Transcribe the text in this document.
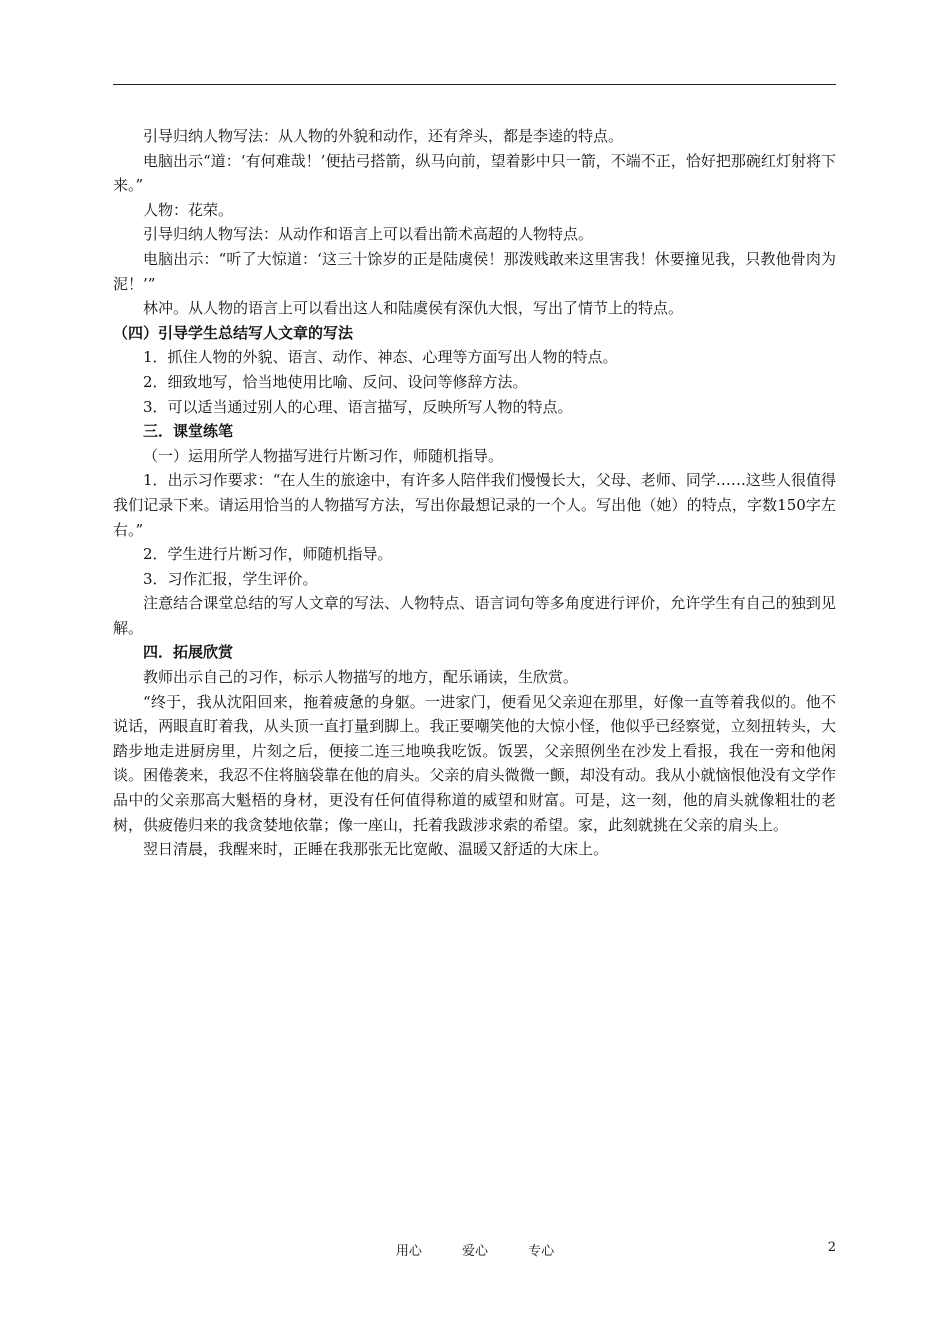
引导归纳人物写法：从人物的外貌和动作，还有斧头，都是李逵的特点。

电脑出示“道：‘有何难哉！’便拈弓搭箭，纵马向前，望着影中只一箭，不端不正，恰好把那碗红灯射将下来。”

人物：花荣。

引导归纳人物写法：从动作和语言上可以看出箭术高超的人物特点。

电脑出示：“听了大惊道：‘这三十馀岁的正是陆虞侯！那泼贱敢来这里害我！休要撞见我，只教他骨肉为泥！’”

林冲。从人物的语言上可以看出这人和陆虞侯有深仇大恨，写出了情节上的特点。

（四）引导学生总结写人文章的写法

1．抓住人物的外貌、语言、动作、神态、心理等方面写出人物的特点。

2．细致地写，恰当地使用比喻、反问、设问等修辞方法。

3．可以适当通过别人的心理、语言描写，反映所写人物的特点。

三．课堂练笔

（一）运用所学人物描写进行片断习作，师随机指导。

1．出示习作要求：“在人生的旅途中，有许多人陪伴我们慢慢长大，父母、老师、同学……这些人很值得我们记录下来。请运用恰当的人物描写方法，写出你最想记录的一个人。写出他（她）的特点，字数150字左右。”

2．学生进行片断习作，师随机指导。

3．习作汇报，学生评价。

注意结合课堂总结的写人文章的写法、人物特点、语言词句等多角度进行评价，允许学生有自己的独到见解。

四．拓展欣赏

教师出示自己的习作，标示人物描写的地方，配乐诵读，生欣赏。

“终于，我从沈阳回来，拖着疲惫的身躯。一进家门，便看见父亲迎在那里，好像一直等着我似的。他不说话，两眼直盯着我，从头顶一直打量到脚上。我正要嘲笑他的大惊小怪，他似乎已经察觉，立刻扭转头，大踏步地走进厨房里，片刻之后，便接二连三地唤我吃饭。饭罢，父亲照例坐在沙发上看报，我在一旁和他闲谈。困倦袭来，我忍不住将脑袋靠在他的肩头。父亲的肩头微微一颤，却没有动。我从小就恼恨他没有文学作品中的父亲那高大魁梧的身材，更没有任何值得称道的威望和财富。可是，这一刻，他的肩头就像粗壮的老树，供疲倦归来的我贪婪地依靠；像一座山，托着我跋涉求索的希望。家，此刻就挑在父亲的肩头上。

翌日清晨，我醒来时，正睡在我那张无比宽敞、温暖又舒适的大床上。

用心	爱心	专心	2
